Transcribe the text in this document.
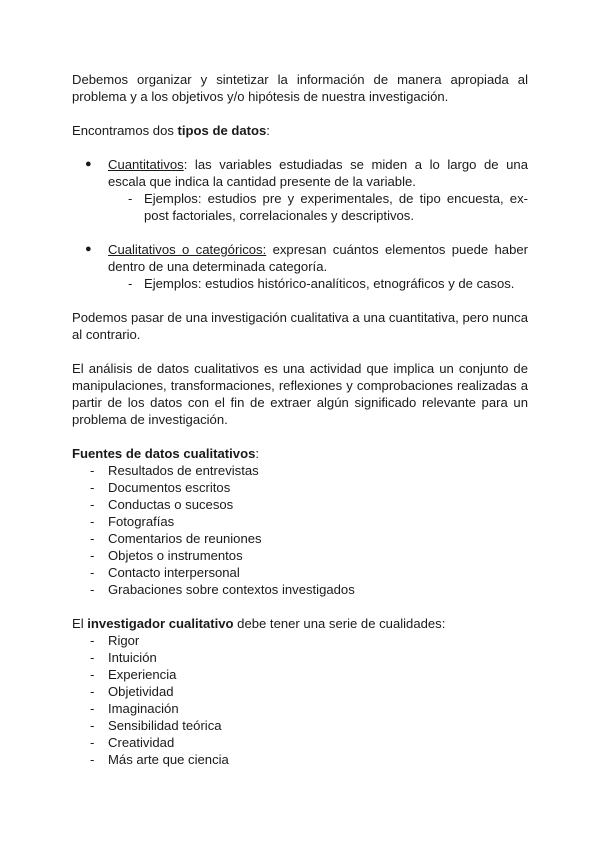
Debemos organizar y sintetizar la información de manera apropiada al problema y a los objetivos y/o hipótesis de nuestra investigación.

Encontramos dos tipos de datos:

● Cuantitativos: las variables estudiadas se miden a lo largo de una escala que indica la cantidad presente de la variable.

- Ejemplos: estudios pre y experimentales, de tipo encuesta, ex-post factoriales, correlacionales y descriptivos.

● Cualitativos o categóricos: expresan cuántos elementos puede haber dentro de una determinada categoría.

- Ejemplos: estudios histórico-analíticos, etnográficos y de casos.

Podemos pasar de una investigación cualitativa a una cuantitativa, pero nunca al contrario.

El análisis de datos cualitativos es una actividad que implica un conjunto de manipulaciones, transformaciones, reflexiones y comprobaciones realizadas a partir de los datos con el fin de extraer algún significado relevante para un problema de investigación.

Fuentes de datos cualitativos:

- Resultados de entrevistas
- Documentos escritos
- Conductas o sucesos
- Fotografías
- Comentarios de reuniones
- Objetos o instrumentos
- Contacto interpersonal
- Grabaciones sobre contextos investigados

El investigador cualitativo debe tener una serie de cualidades:

- Rigor
- Intuición
- Experiencia
- Objetividad
- Imaginación
- Sensibilidad teórica
- Creatividad
- Más arte que ciencia
